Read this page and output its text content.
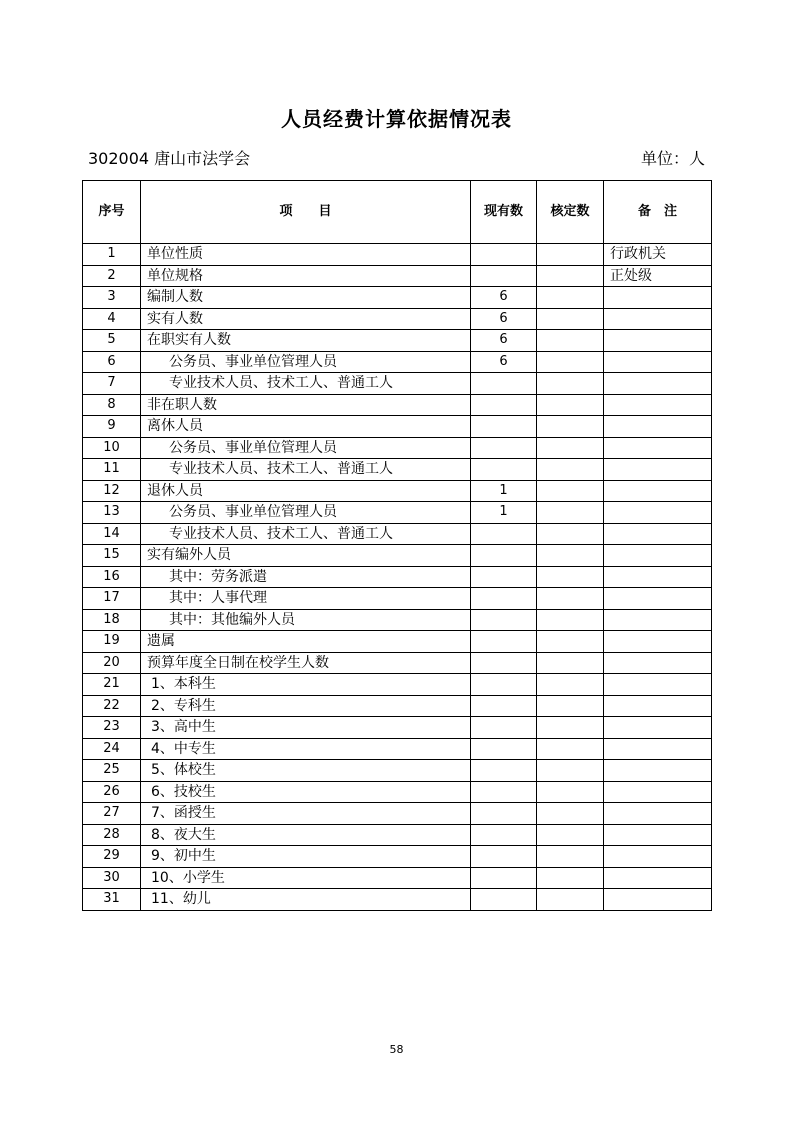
人员经费计算依据情况表
302004 唐山市法学会	单位：人
序号	项　　目	现有数	核定数	备　注
1	单位性质			行政机关
2	单位规格			正处级
3	编制人数	6		
4	实有人数	6		
5	在职实有人数	6		
6	公务员、事业单位管理人员	6		
7	专业技术人员、技术工人、普通工人			
8	非在职人数			
9	离休人员			
10	公务员、事业单位管理人员			
11	专业技术人员、技术工人、普通工人			
12	退休人员	1		
13	公务员、事业单位管理人员	1		
14	专业技术人员、技术工人、普通工人			
15	实有编外人员			
16	其中：劳务派遣			
17	其中：人事代理			
18	其中：其他编外人员			
19	遗属			
20	预算年度全日制在校学生人数			
21	1、本科生			
22	2、专科生			
23	3、高中生			
24	4、中专生			
25	5、体校生			
26	6、技校生			
27	7、函授生			
28	8、夜大生			
29	9、初中生			
30	10、小学生			
31	11、幼儿			
58
